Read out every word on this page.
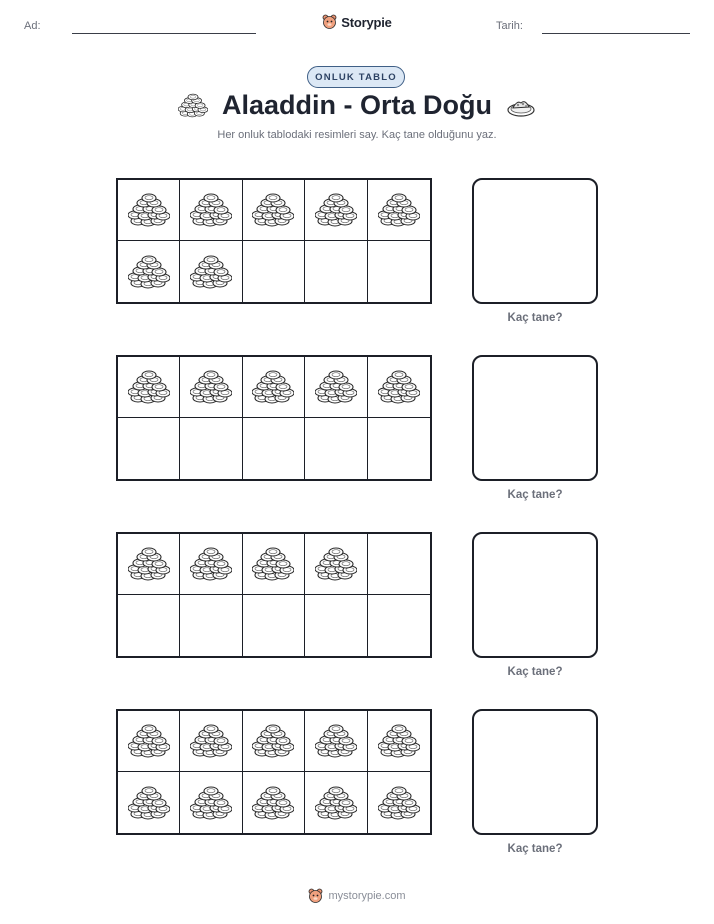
Ad:	Storypie	Tarih:
ONLUK TABLO
Alaaddin - Orta Doğu
Her onluk tablodaki resimleri say. Kaç tane olduğunu yaz.
Kaç tane?
Kaç tane?
Kaç tane?
Kaç tane?
mystorypie.com
